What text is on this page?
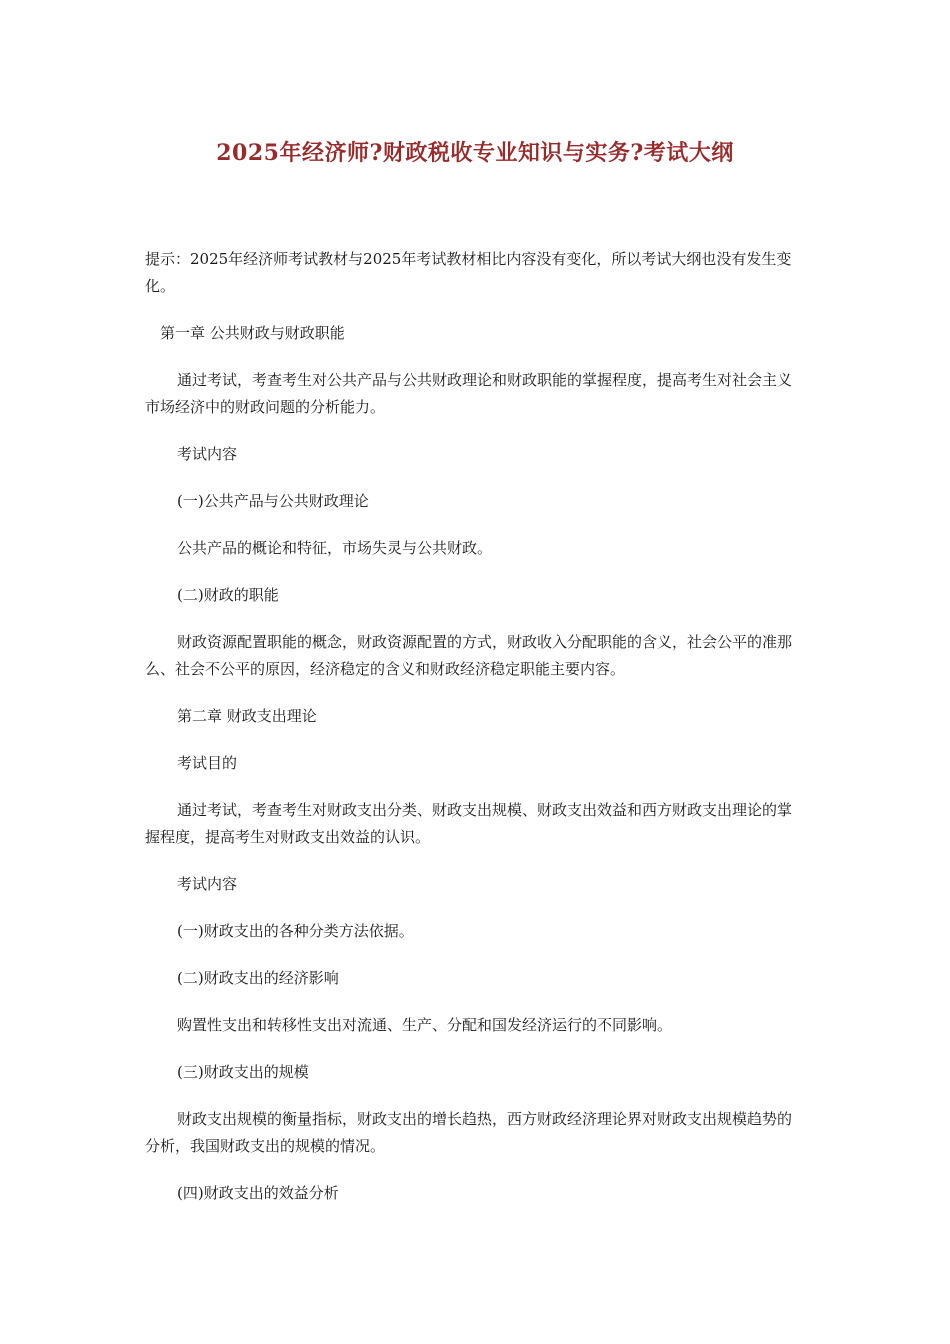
2025年经济师?财政税收专业知识与实务?考试大纲

提示：2025年经济师考试教材与2025年考试教材相比内容没有变化，所以考试大纲也没有发生变化。

第一章 公共财政与财政职能

通过考试，考查考生对公共产品与公共财政理论和财政职能的掌握程度，提高考生对社会主义市场经济中的财政问题的分析能力。

考试内容

(一)公共产品与公共财政理论

公共产品的概论和特征，市场失灵与公共财政。

(二)财政的职能

财政资源配置职能的概念，财政资源配置的方式，财政收入分配职能的含义，社会公平的准那么、社会不公平的原因，经济稳定的含义和财政经济稳定职能主要内容。

第二章 财政支出理论

考试目的

通过考试，考查考生对财政支出分类、财政支出规模、财政支出效益和西方财政支出理论的掌握程度，提高考生对财政支出效益的认识。

考试内容

(一)财政支出的各种分类方法依据。

(二)财政支出的经济影响

购置性支出和转移性支出对流通、生产、分配和国发经济运行的不同影响。

(三)财政支出的规模

财政支出规模的衡量指标，财政支出的增长趋热，西方财政经济理论界对财政支出规模趋势的分析，我国财政支出的规模的情况。

(四)财政支出的效益分析
